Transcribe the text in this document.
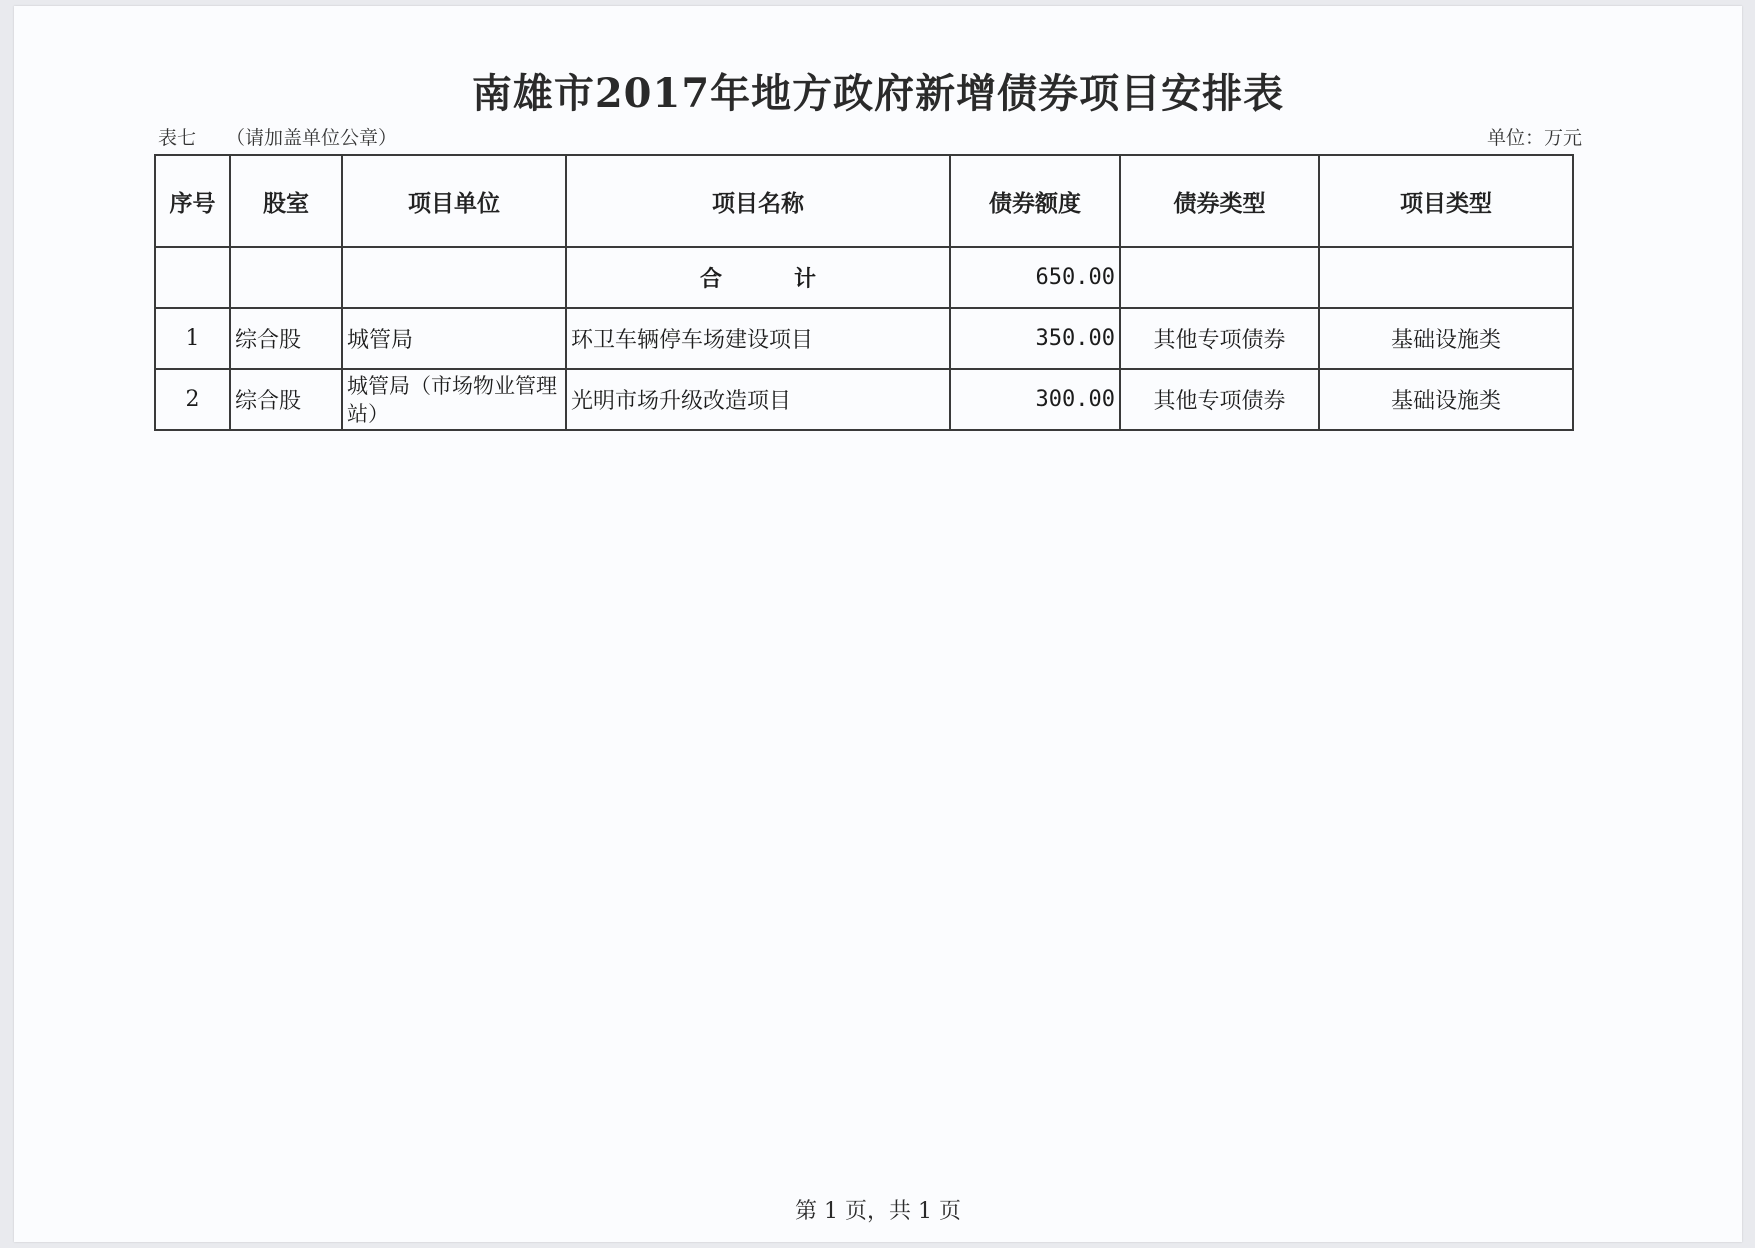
南雄市2017年地方政府新增债券项目安排表
表七 （请加盖单位公章）	单位：万元
序号	股室	项目单位	项目名称	债券额度	债券类型	项目类型
			合 计	650.00		
1	综合股	城管局	环卫车辆停车场建设项目	350.00	其他专项债券	基础设施类
2	综合股	城管局（市场物业管理站）	光明市场升级改造项目	300.00	其他专项债券	基础设施类
第 1 页，共 1 页
